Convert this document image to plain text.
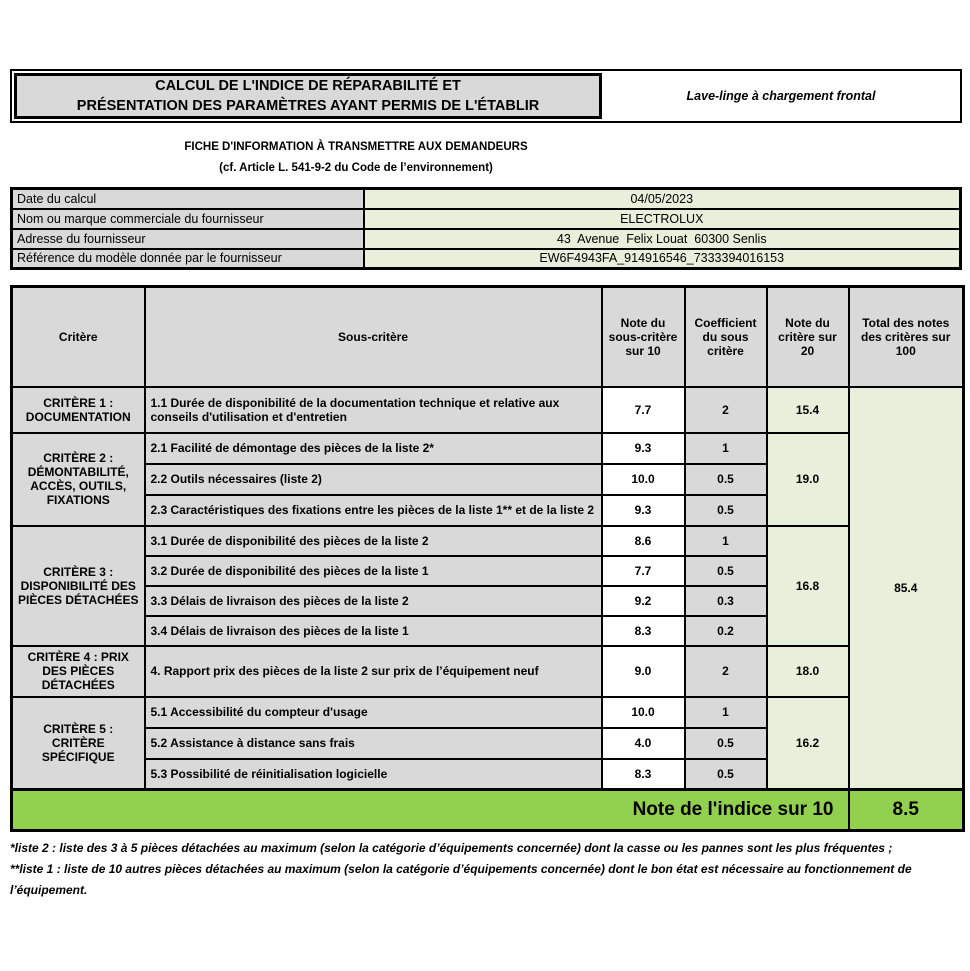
CALCUL DE L'INDICE DE RÉPARABILITÉ ET
PRÉSENTATION DES PARAMÈTRES AYANT PERMIS DE L'ÉTABLIR
Lave-linge à chargement frontal
FICHE D'INFORMATION À TRANSMETTRE AUX DEMANDEURS
(cf. Article L. 541-9-2 du Code de l’environnement)
Date du calcul	04/05/2023
Nom ou marque commerciale du fournisseur	ELECTROLUX
Adresse du fournisseur	43  Avenue  Felix Louat  60300 Senlis
Référence du modèle donnée par le fournisseur	EW6F4943FA_914916546_7333394016153
Critère	Sous-critère	Note du sous-critère sur 10	Coefficient du sous critère	Note du critère sur 20	Total des notes des critères sur 100
CRITÈRE 1 : DOCUMENTATION	1.1 Durée de disponibilité de la documentation technique et relative aux conseils d'utilisation et d'entretien	7.7	2	15.4	85.4
CRITÈRE 2 : DÉMONTABILITÉ, ACCÈS, OUTILS, FIXATIONS	2.1 Facilité de démontage des pièces de la liste 2*	9.3	1	19.0	
	2.2 Outils nécessaires (liste 2)	10.0	0.5		
	2.3 Caractéristiques des fixations entre les pièces de la liste 1** et de la liste 2	9.3	0.5		
CRITÈRE 3 : DISPONIBILITÉ DES PIÈCES DÉTACHÉES	3.1 Durée de disponibilité des pièces de la liste 2	8.6	1	16.8	
	3.2 Durée de disponibilité des pièces de la liste 1	7.7	0.5		
	3.3 Délais de livraison des pièces de la liste 2	9.2	0.3		
	3.4 Délais de livraison des pièces de la liste 1	8.3	0.2		
CRITÈRE 4 : PRIX DES PIÈCES DÉTACHÉES	4. Rapport prix des pièces de la liste 2 sur prix de l’équipement neuf	9.0	2	18.0	
CRITÈRE 5 : CRITÈRE SPÉCIFIQUE	5.1 Accessibilité du compteur d'usage	10.0	1	16.2	
	5.2 Assistance à distance sans frais	4.0	0.5		
	5.3 Possibilité de réinitialisation logicielle	8.3	0.5		
Note de l'indice sur 10					8.5
*liste 2 : liste des 3 à 5 pièces détachées au maximum (selon la catégorie d’équipements concernée) dont la casse ou les pannes sont les plus fréquentes ;
**liste 1 : liste de 10 autres pièces détachées au maximum (selon la catégorie d’équipements concernée) dont le bon état est nécessaire au fonctionnement de l’équipement.
